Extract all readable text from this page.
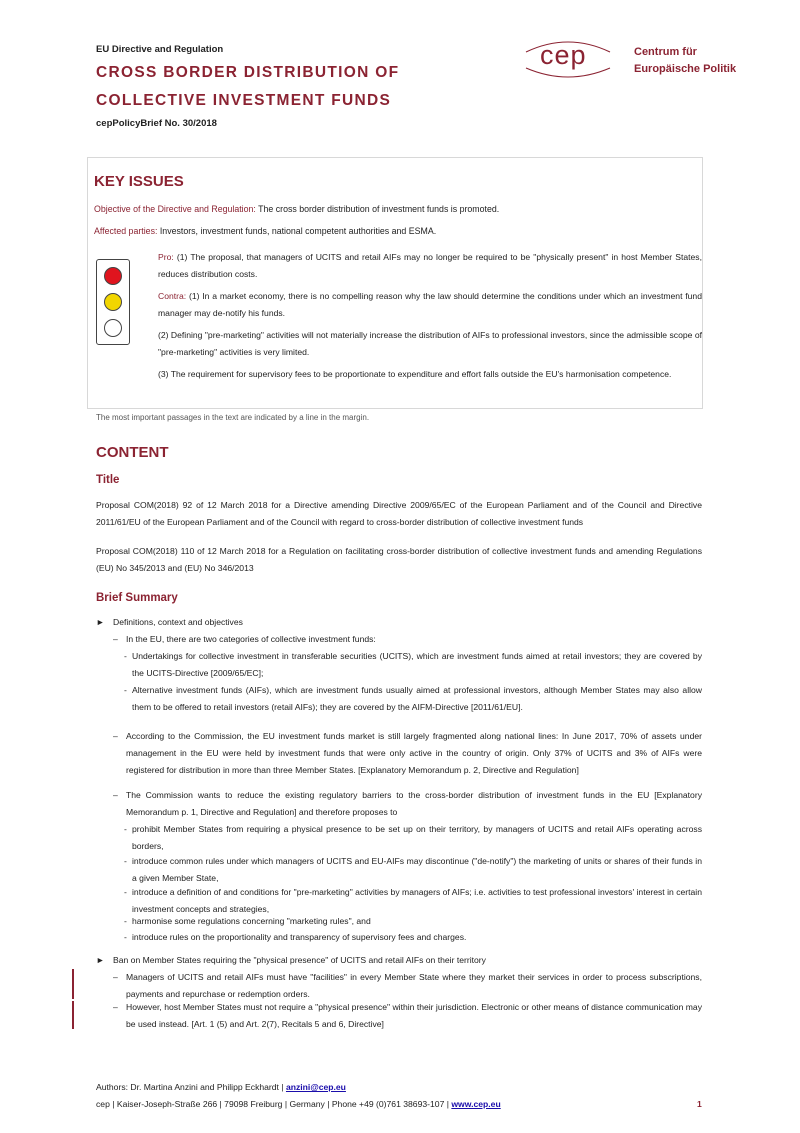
EU Directive and Regulation
CROSS BORDER DISTRIBUTION OF
COLLECTIVE INVESTMENT FUNDS
cepPolicyBrief No. 30/2018
cep	Centrum für
Europäische Politik
KEY ISSUES
Objective of the Directive and Regulation: The cross border distribution of investment funds is promoted.
Affected parties: Investors, investment funds, national competent authorities and ESMA.
Pro: (1) The proposal, that managers of UCITS and retail AIFs may no longer be required to be "physically present" in host Member States, reduces distribution costs.
Contra: (1) In a market economy, there is no compelling reason why the law should determine the conditions under which an investment fund manager may de-notify his funds.
(2) Defining "pre-marketing" activities will not materially increase the distribution of AIFs to professional investors, since the admissible scope of "pre-marketing" activities is very limited.
(3) The requirement for supervisory fees to be proportionate to expenditure and effort falls outside the EU's harmonisation competence.
The most important passages in the text are indicated by a line in the margin.
CONTENT
Title
Proposal COM(2018) 92 of 12 March 2018 for a Directive amending Directive 2009/65/EC of the European Parliament and of the Council and Directive 2011/61/EU of the European Parliament and of the Council with regard to cross-border distribution of collective investment funds
Proposal COM(2018) 110 of 12 March 2018 for a Regulation on facilitating cross-border distribution of collective investment funds and amending Regulations (EU) No 345/2013 and (EU) No 346/2013
Brief Summary
► Definitions, context and objectives
– In the EU, there are two categories of collective investment funds:
- Undertakings for collective investment in transferable securities (UCITS), which are investment funds aimed at retail investors; they are covered by the UCITS-Directive [2009/65/EC];
- Alternative investment funds (AIFs), which are investment funds usually aimed at professional investors, although Member States may also allow them to be offered to retail investors (retail AIFs); they are covered by the AIFM-Directive [2011/61/EU].
– According to the Commission, the EU investment funds market is still largely fragmented along national lines: In June 2017, 70% of assets under management in the EU were held by investment funds that were only active in the country of origin. Only 37% of UCITS and 3% of AIFs were registered for distribution in more than three Member States. [Explanatory Memorandum p. 2, Directive and Regulation]
– The Commission wants to reduce the existing regulatory barriers to the cross-border distribution of investment funds in the EU [Explanatory Memorandum p. 1, Directive and Regulation] and therefore proposes to
- prohibit Member States from requiring a physical presence to be set up on their territory, by managers of UCITS and retail AIFs operating across borders,
- introduce common rules under which managers of UCITS and EU-AIFs may discontinue ("de-notify") the marketing of units or shares of their funds in a given Member State,
- introduce a definition of and conditions for "pre-marketing" activities by managers of AIFs; i.e. activities to test professional investors' interest in certain investment concepts and strategies,
- harmonise some regulations concerning "marketing rules", and
- introduce rules on the proportionality and transparency of supervisory fees and charges.
► Ban on Member States requiring the "physical presence" of UCITS and retail AIFs on their territory
– Managers of UCITS and retail AIFs must have "facilities" in every Member State where they market their services in order to process subscriptions, payments and repurchase or redemption orders.
– However, host Member States must not require a "physical presence" within their jurisdiction. Electronic or other means of distance communication may be used instead. [Art. 1 (5) and Art. 2(7), Recitals 5 and 6, Directive]
Authors: Dr. Martina Anzini and Philipp Eckhardt | anzini@cep.eu
cep | Kaiser-Joseph-Straße 266 | 79098 Freiburg | Germany | Phone +49 (0)761 38693-107 | www.cep.eu	1
